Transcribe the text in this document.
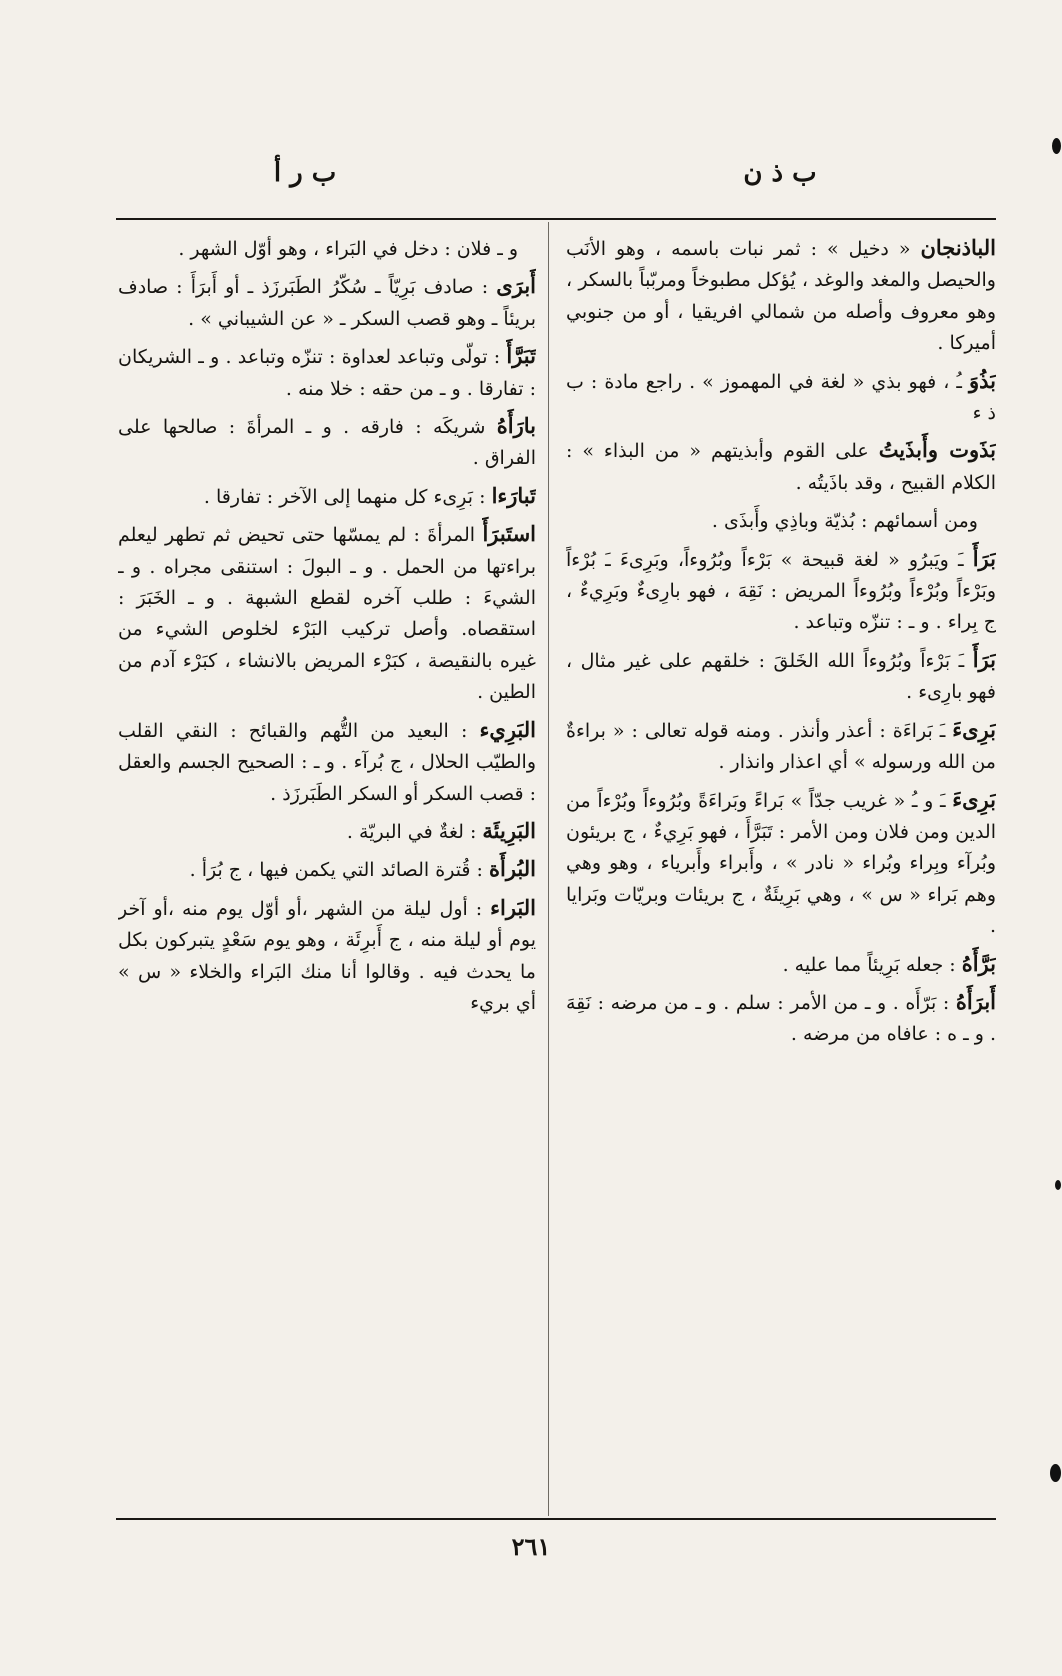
ب ذ ن
ب ر أ

الباذنجان « دخيل » : ثمر نبات باسمه ، وهو الأنَب والحيصل والمغد والوغد ، يُؤكل مطبوخاً ومربّباً بالسكر ، وهو معروف وأصله من شمالي افريقيا ، أو من جنوبي أميركا .

بَذُوَ ـُ ، فهو بذي « لغة في المهموز » . راجع مادة : ب ذ ء

بَذَوت وأَبذَيتُ على القوم وأبذيتهم « من البذاء » : الكلام القبيح ، وقد باذَيتُه .

ومن أسمائهم : بُذيّة وباذِي وأَبذَى .

بَرَأَ ـَ ويَبرُو « لغة قبيحة » بَرْءاً وبُرُوءاً، وبَرِىءَ ـَ بُرْءاً وبَرْءاً وبُرْءاً وبُرُوءاً المريض : نَقِهَ ، فهو بارِىءٌ وبَرِيءٌ ، ج بِراء . و ـ : تنزّه وتباعد .

بَرَأَ ـَ بَرْءاً وبُرُوءاً الله الخَلقَ : خلقهم على غير مثال ، فهو بارِىء .

بَرِىءَ ـَ بَراءَة : أعذر وأنذر . ومنه قوله تعالى : « براءةٌ من الله ورسوله » أي اعذار وانذار .

بَرِىءَ ـَ و ـُ « غريب جدّاً » بَراءً وبَراءَةً وبُرُوءاً وبُرْءاً من الدين ومن فلان ومن الأمر : تَبَرَّأَ ، فهو بَرِيءٌ ، ج بريئون وبُرآء وبِراء وبُراء « نادر » ، وأَبراء وأَبرياء ، وهو وهي وهم بَراء « س » ، وهي بَرِيئَةٌ ، ج بريئات وبريّات وبَرايا .

بَرَّأَهُ : جعله بَرِيئاً مما عليه .

أَبرَأَهُ : بَرّأَه . و ـ من الأمر : سلم . و ـ من مرضه : نَقِهَ . و ـ ه : عافاه من مرضه .

و ـ فلان : دخل في البَراء ، وهو أوّل الشهر .

أَبرَى : صادف بَرِيّاً ـ سُكّرُ الطَبَرزَذ ـ أو أَبرَأَ : صادف بريئاً ـ وهو قصب السكر ـ « عن الشيباني » .

تَبَرَّأَ : تولّى وتباعد لعداوة : تنزّه وتباعد . و ـ الشريكان : تفارقا . و ـ من حقه : خلا منه .

بارَأَهُ شريكَه : فارقه . و ـ المرأةَ : صالحها على الفراق .

تَبارَءا : بَرِىء كل منهما إلى الآخر : تفارقا .

استَبرَأَ المرأةَ : لم يمسّها حتى تحيض ثم تطهر ليعلم براءتها من الحمل . و ـ البولَ : استنقى مجراه . و ـ الشيءَ : طلب آخره لقطع الشبهة . و ـ الخَبَرَ : استقصاه. وأصل تركيب البَرْء لخلوص الشيء من غيره بالنقيصة ، كبَرْء المريض بالانشاء ، كبَرْء آدم من الطين .

البَرِيء : البعيد من التُّهم والقبائح : النقي القلب والطيّب الحلال ، ج بُرآء . و ـ : الصحيح الجسم والعقل : قصب السكر أو السكر الطَبَرزَذ .

البَرِيئَة : لغةٌ في البريّة .

البُرأَة : قُترة الصائد التي يكمن فيها ، ج بُرَأ .

البَراء : أول ليلة من الشهر ،أو أوّل يوم منه ،أو آخر يوم أو ليلة منه ، ج أَبرِئَة ، وهو يوم سَعْدٍ يتبركون بكل ما يحدث فيه . وقالوا أنا منك البَراء والخلاء « س » أي بريء

٢٦١
